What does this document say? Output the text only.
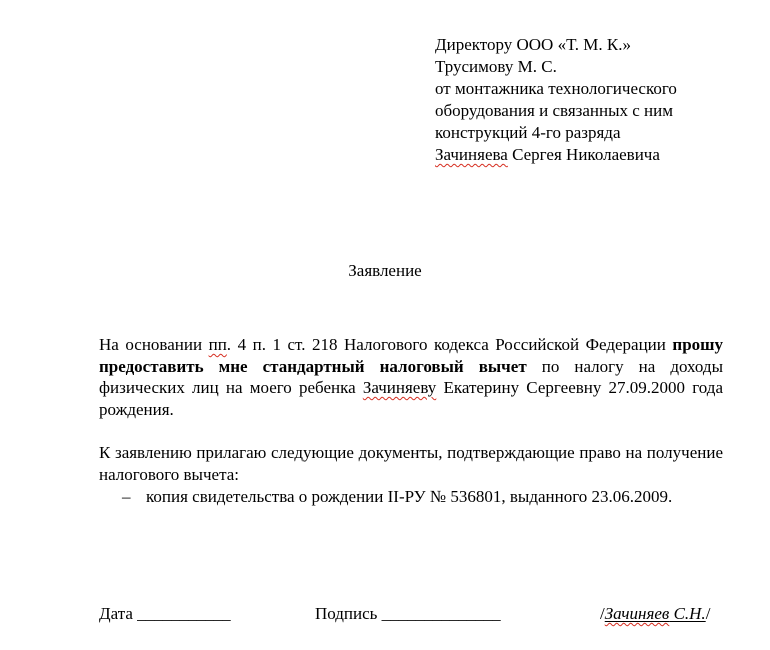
Директору ООО «Т. М. К.»
Трусимову М. С.
от монтажника технологического
оборудования и связанных с ним
конструкций 4-го разряда
Зачиняева Сергея Николаевича
Заявление
На основании пп. 4 п. 1 ст. 218 Налогового кодекса Российской Федерации прошу предоставить мне стандартный налоговый вычет по налогу на доходы физических лиц на моего ребенка Зачиняеву Екатерину Сергеевну 27.09.2000 года рождения.
К заявлению прилагаю следующие документы, подтверждающие право на получение налогового вычета:
– копия свидетельства о рождении II-РУ № 536801, выданного 23.06.2009.
Дата ___________	Подпись ______________	/Зачиняев С.Н./
